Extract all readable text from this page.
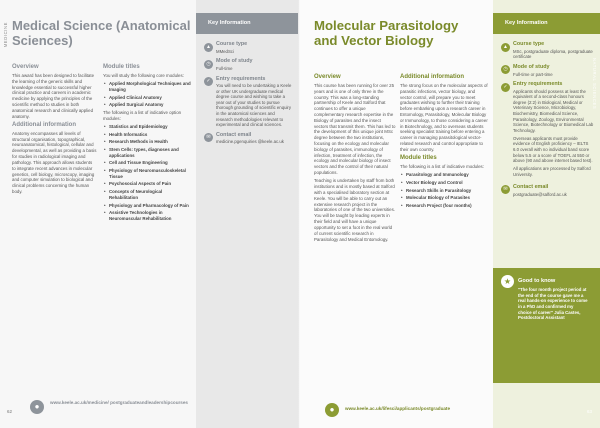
MEDICINE Medical Science (Anatomical Sciences)
Overview

This award has been designed to facilitate the learning of the generic skills and knowledge essential to successful higher clinical practice and careers in academic medicine by applying the principles of the scientific method to studies in both anatomical research and clinically applied anatomy.

Additional information

Anatomy encompasses all levels of structural organisation, topographical, neuroanatomical, histological, cellular and developmental, as well as providing a basis for studies in radiological imaging and pathology. This approach allows students to integrate recent advances in molecular genetics, cell biology, microscopy, imaging and computer simulation to biological and clinical problems concerning the human body.

Module titles

You will study the following core modules:

• Applied Morphological Techniques and Imaging
• Applied Clinical Anatomy
• Applied Surgical Anatomy

The following is a list of indicative option modules:

• Statistics and Epidemiology
• Health Informatics
• Research Methods in Health
• Stem Cells: types, diagnoses and applications
• Cell and Tissue Engineering
• Physiology of Neuromusculoskeletal Tissue
• Psychosocial Aspects of Pain
• Concepts of Neurological Rehabilitation
• Physiology and Pharmacology of Pain
• Assistive Technologies in Neuromuscular Rehabilitation
Key Information
▲ Course type
MMedSci
◷ Mode of study
Full-time
✓	Entry requirements
You will need to be undertaking a Keele or other UK undergraduate medical degree course and wishing to take a year out of your studies to pursue thorough grounding of scientific enquiry in the anatomical sciences and research methodologies relevant to experimental and clinical sciences.
✉	Contact email
medicine.pgenquiries @keele.ac.uk
●	www.keele.ac.uk/medicine/ postgraduateandleadershipcourses
62
Molecular Parasitology and Vector Biology
Overview

This course has been running for over 25 years and is one of only three in the country. This was a long-standing partnership of Keele and Salford that continues to offer a unique complementary research expertise in the Biology of parasites and the insect vectors that transmit them. This has led to the development of this unique joint MSc degree between the two institutions, focusing on the ecology and molecular biology of parasites, immunology of infection, treatment of infection, the ecology and molecular biology of insect vectors and the control of their natural populations.

Teaching is undertaken by staff from both institutions and is mostly based at Salford with a specialised laboratory section at Keele. You will be able to carry out an extensive research project in the laboratories of one of the two universities. You will be taught by leading experts in their field and will have a unique opportunity to set a foot in the real world of current scientific research in Parasitology and Medical Entomology.

Additional information

The strong focus on the molecular aspects of parasitic infections, vector biology, and vector control, will prepare you to meet graduates wishing to further their training before embarking upon a research career in Entomology, Parasitology, Molecular Biology or Immunology, to those considering a career in Biotechnology, and to overseas students seeking specialist training before entering a career in managing parasitological vector-related research and control appropriate to their own country.

Module titles

The following is a list of indicative modules:

• Parasitology and Immunology
• Vector Biology and Control
• Research Skills in Parasitology
• Molecular Biology of Parasites
• Research Project (four months)
Key Information
▲ Course type
MSc, postgraduate diploma, postgraduate certificate
◷ Mode of study
Full-time or part-time
✓	Entry requirements

Applicants should possess at least the equivalent of a second-class honours degree (2:2) in Biological, Medical or Veterinary Science, Microbiology, Biochemistry, Biomedical Science, Parasitology, Zoology, Environmental Science, Biotechnology or Biomedical Lab Technology.

Overseas applicants must provide evidence of English proficiency – IELTS 6.0 overall with no individual band score below 5.5 or a score of TOEFL at 550 or above (90 and above internet based test).

All applications are processed by Salford University.

✉	Contact email
postgraduate@salford.ac.uk
★	Good to know
"The four month project period at the end of the course gave me a real hands-on experience to come in a PhD and confirmed my choice of career" Julia Castes, Postdoctoral Assistant
NATURAL SCIENCES
●	www.keele.ac.uk/lifesci/applicants/postgraduate
63
